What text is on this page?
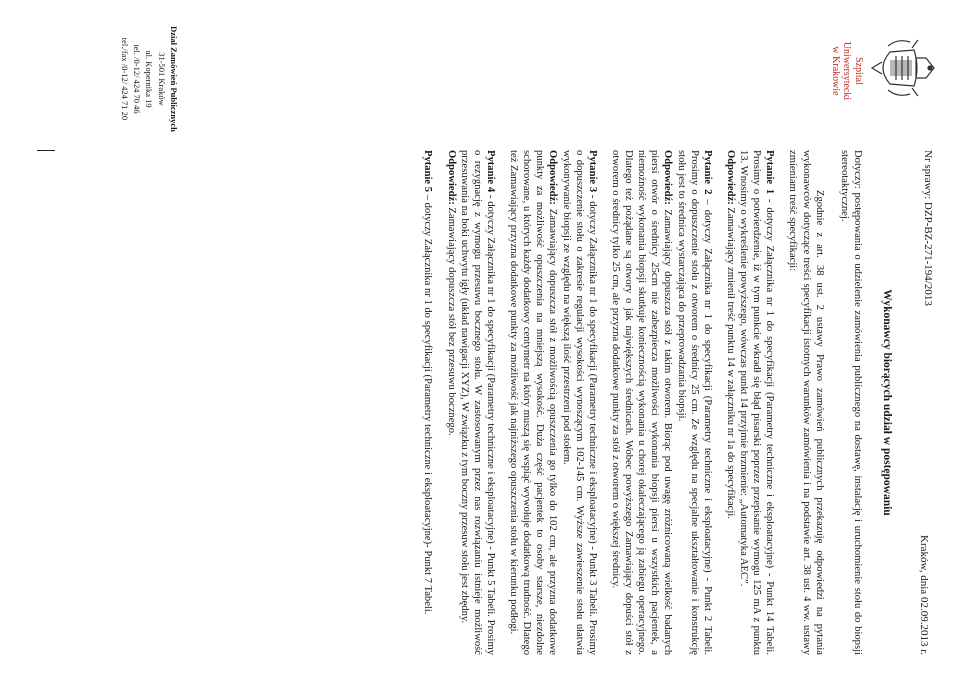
Szpital
Uniwersytecki
w Krakowie
Dział Zamówień Publicznych
31-501 Kraków
ul. Kopernika 19
tel. /0-12/ 424 70 46
tel./fax /0-12/ 424 71 20
Nr sprawy: DZP-BZ-271-194/2013
Kraków, dnia 02.09.2013 r.
Wykonawcy biorących udział w postępowaniu

Dotyczy: postępowania o udzielenie zamówienia publicznego na dostawę, instalację i uruchomienie stołu do biopsji stereotaktycznej.

Zgodnie z art. 38 ust. 2 ustawy Prawo zamówień publicznych przekazuję odpowiedzi na pytania wykonawców dotyczące treści specyfikacji istotnych warunków zamówienia i na podstawie art. 38 ust. 4 ww. ustawy zmieniam treść specyfikacji:

Pytanie 1 - dotyczy Załącznika nr 1 do specyfikacji (Parametry techniczne i eksploatacyjne) - Punkt 14 Tabeli. Prosimy o potwierdzenie, iż w tym punkcie wkradł się błąd pisarski poprzez przepisanie wymogu 125 mA z punktu 13. Wnosimy o wykreślenie powyższego, wówczas punkt 14 przyjmie brzmienie: „Automatyka AEC”.

Odpowiedź: Zamawiający zmienił treść punktu 14 w załączniku nr 1a do specyfikacji.

Pytanie 2 – dotyczy Załącznika nr 1 do specyfikacji (Parametry techniczne i eksploatacyjne) - Punkt 2 Tabeli. Prosimy o dopuszczenie stołu z otworem o średnicy 25 cm. Ze względu na specjalne ukształtowanie i konstrukcję stołu jest to średnica wystarczająca do przeprowadzania biopsji.

Odpowiedź: Zamawiający dopuszcza stół z takim otworem. Biorąc pod uwagę zróżnicowaną wielkość badanych piersi otwór o średnicy 25cm nie zabezpiecza możliwości wykonania biopsji piersi u wszystkich pacjentek, a niemożność wykonania biopsji skutkuje koniecznością wykonania u chorej okaleczającego ją zabiegu operacyjnego. Dlatego też pożądane są otwory o jak największych średnicach. Wobec powyższego Zamawiający dopuści stół z otworem o średnicy tylko 25 cm, ale przyzna dodatkowe punkty za stół z otworem o większej średnicy.

Pytanie 3 - dotyczy Załącznika nr 1 do specyfikacji (Parametry techniczne i eksploatacyjne) - Punkt 3 Tabeli. Prosimy o dopuszczenie stołu o zakresie regulacji wysokości wynoszącym 102-145 cm. Wyższe zawieszenie stołu ułatwia wykonywanie biopsji ze względu na większą ilość przestrzeni pod stołem.

Odpowiedź: Zamawiający dopuszcza stół z możliwością opuszczenia go tylko do 102 cm, ale przyzna dodatkowe punkty za możliwość opuszczenia na mniejszą wysokość. Duża część pacjentek to osoby starsze, niezdolne schorowane, u których każdy dodatkowy centymetr na który muszą się wspiąć wywołuje dodatkową trudność. Dlatego też Zamawiający przyzna dodatkowe punkty za możliwość jak najniższego opuszczenia stołu w kierunku podłogi.

Pytanie 4 - dotyczy Załącznika nr 1 do specyfikacji (Parametry techniczne i eksploatacyjne) - Punkt 5 Tabeli. Prosimy o rezygnację z wymogu przesuwu bocznego stołu. W zastosowanym przez nas rozwiązaniu istnieje możliwość przesuwania na boki uchwytu igły (układ nawigacji XYZ), W związku z tym boczny przesuw stołu jest zbędny.

Odpowiedź: Zamawiający dopuszcza stół bez przesuwu bocznego.

Pytanie 5 – dotyczy Załącznika nr 1 do specyfikacji (Parametry techniczne i eksploatacyjne)- Punkt 7 Tabeli.
